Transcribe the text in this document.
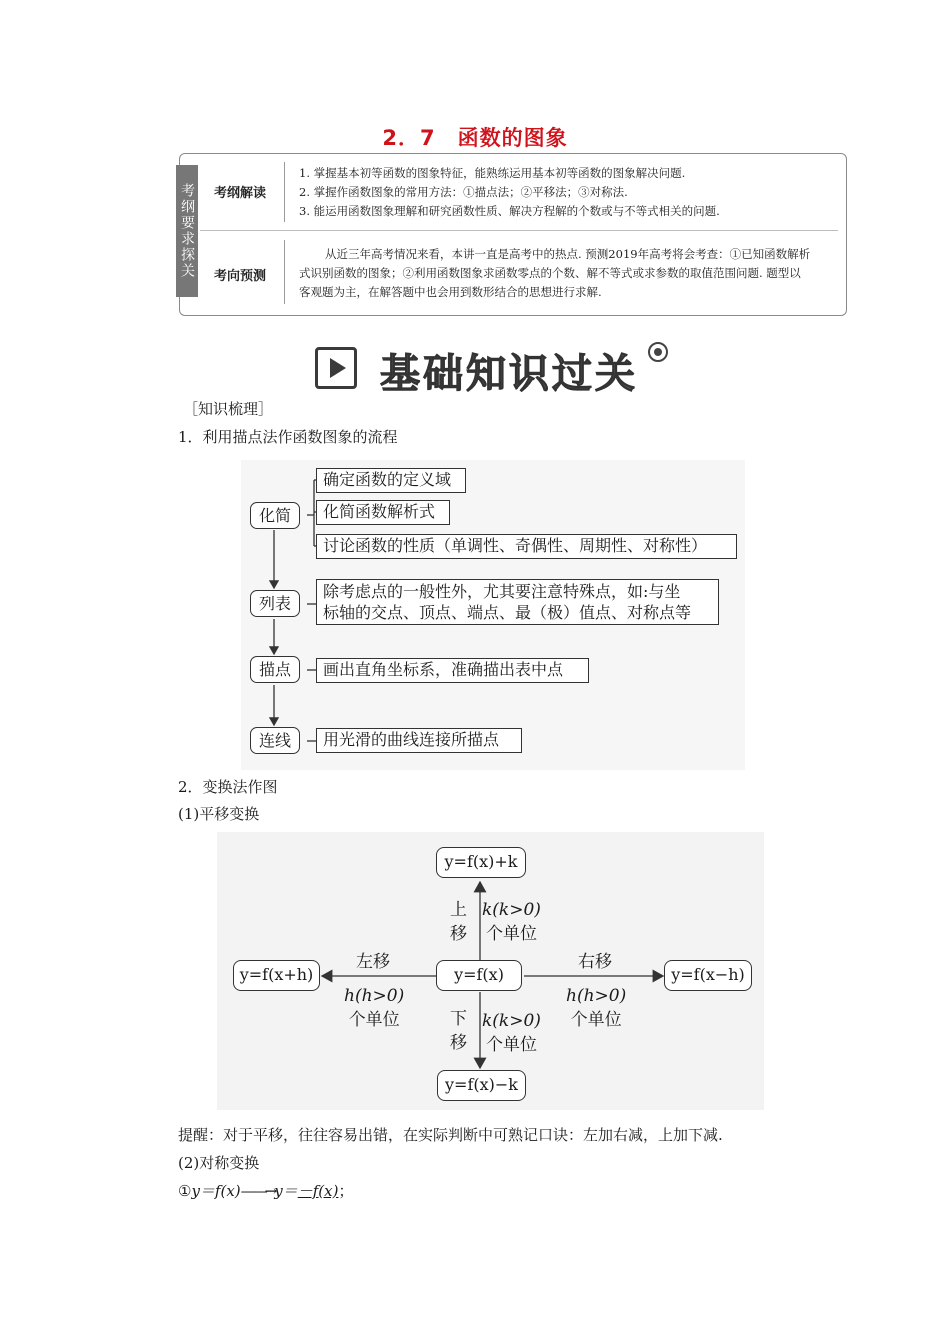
2．7　函数的图象
考纲要求探关 考纲解读
1. 掌握基本初等函数的图象特征，能熟练运用基本初等函数的图象解决问题.
2. 掌握作函数图象的常用方法：①描点法；②平移法；③对称法.
3. 能运用函数图象理解和研究函数性质、解决方程解的个数或与不等式相关的问题.
考向预测
从近三年高考情况来看，本讲一直是高考中的热点. 预测2019年高考将会考查：①已知函数解析
式识别函数的图象；②利用函数图象求函数零点的个数、解不等式或求参数的取值范围问题. 题型以
客观题为主，在解答题中也会用到数形结合的思想进行求解.
基础知识过关
［知识梳理］
1．利用描点法作函数图象的流程
化简
确定函数的定义域
化简函数解析式
讨论函数的性质（单调性、奇偶性、周期性、对称性）
列表
除考虑点的一般性外，尤其要注意特殊点，如:与坐
标轴的交点、顶点、端点、最（极）值点、对称点等
描点	画出直角坐标系，准确描出表中点
连线	用光滑的曲线连接所描点
2．变换法作图
(1)平移变换
y=f(x)+k
y=f(x)
y=f(x)−k
y=f(x+h)	y=f(x−h)
上
移
k(k>0)
个单位
下
移
k(k>0)
个单位
左移
h(h>0)
个单位
右移
h(h>0)
个单位
提醒：对于平移，往往容易出错，在实际判断中可熟记口诀：左加右减，上加下减.
(2)对称变换
①y＝f(x)——→y＝－f(x)；
